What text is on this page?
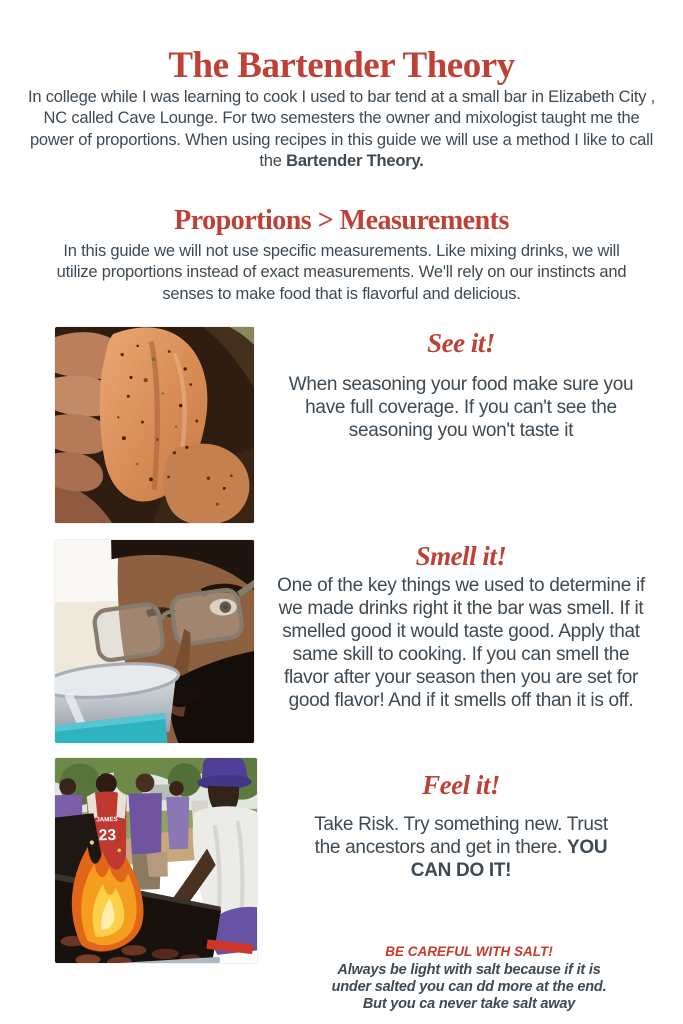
The Bartender Theory

In college while I was learning to cook I used to bar tend at a small bar in Elizabeth City , NC called Cave Lounge. For two semesters the owner and mixologist taught me the power of proportions. When using recipes in this guide we will use a method I like to call the Bartender Theory.

Proportions > Measurements

In this guide we will not use specific measurements. Like mixing drinks, we will utilize proportions instead of exact measurements. We'll rely on our instincts and senses to make food that is flavorful and delicious.

See it!
When seasoning your food make sure you have full coverage. If you can't see the seasoning you won't taste it
Smell it!
One of the key things we used to determine if we made drinks right it the bar was smell. If it smelled good it would taste good. Apply that same skill to cooking. If you can smell the flavor after your season then you are set for good flavor! And if it smells off than it is off.
JAMES
23
Feel it!
Take Risk. Try something new. Trust the ancestors and get in there. YOU CAN DO IT!
BE CAREFUL WITH SALT!
Always be light with salt because if it is under salted you can dd more at the end. But you ca never take salt away
